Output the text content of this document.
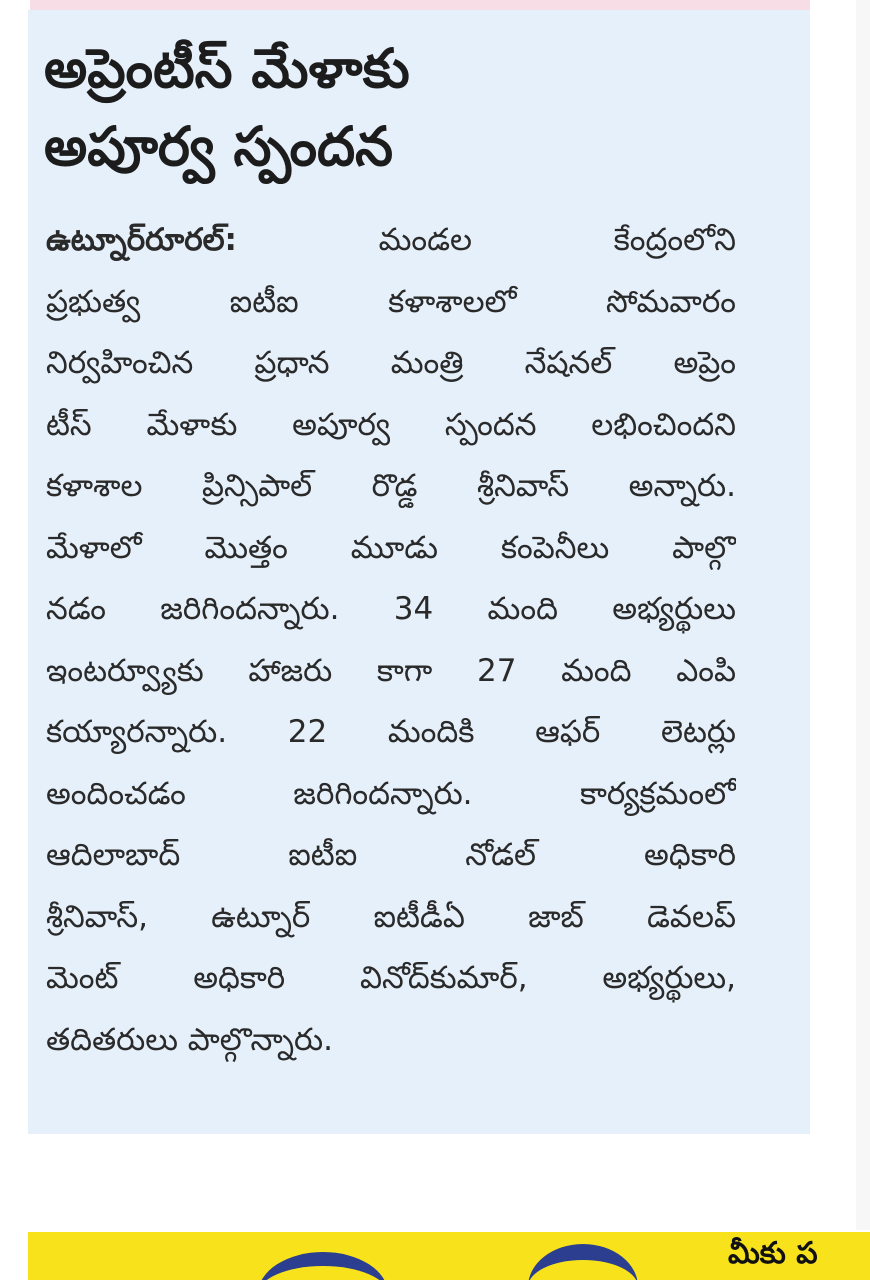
అప్రెంటీస్ మేళాకు
అపూర్వ స్పందన
ఉట్నూర్‌రూరల్‌: మండల కేంద్రంలోని
ప్రభుత్వ ఐటీఐ కళాశాలలో సోమవారం
నిర్వహించిన ప్రధాన మంత్రి నేషనల్‌ అప్రెం
టీస్‌ మేళాకు అపూర్వ స్పందన లభించిందని
కళాశాల ప్రిన్సిపాల్‌ రొడ్డ శ్రీనివాస్‌ అన్నారు.
మేళాలో మొత్తం మూడు కంపెనీలు పాల్గొ
నడం జరిగిందన్నారు. 34 మంది అభ్యర్థులు
ఇంటర్వ్యూకు హాజరు కాగా 27 మంది ఎంపి
కయ్యారన్నారు. 22 మందికి ఆఫర్‌ లెటర్లు
అందించడం జరిగిందన్నారు. కార్యక్రమంలో
ఆదిలాబాద్‌ ఐటీఐ నోడల్‌ అధికారి
శ్రీనివాస్‌, ఉట్నూర్‌ ఐటీడీఏ జాబ్‌ డెవలప్‌
మెంట్‌ అధికారి వినోద్‌కుమార్‌, అభ్యర్థులు,
తదితరులు పాల్గొన్నారు.
మీకు ప
